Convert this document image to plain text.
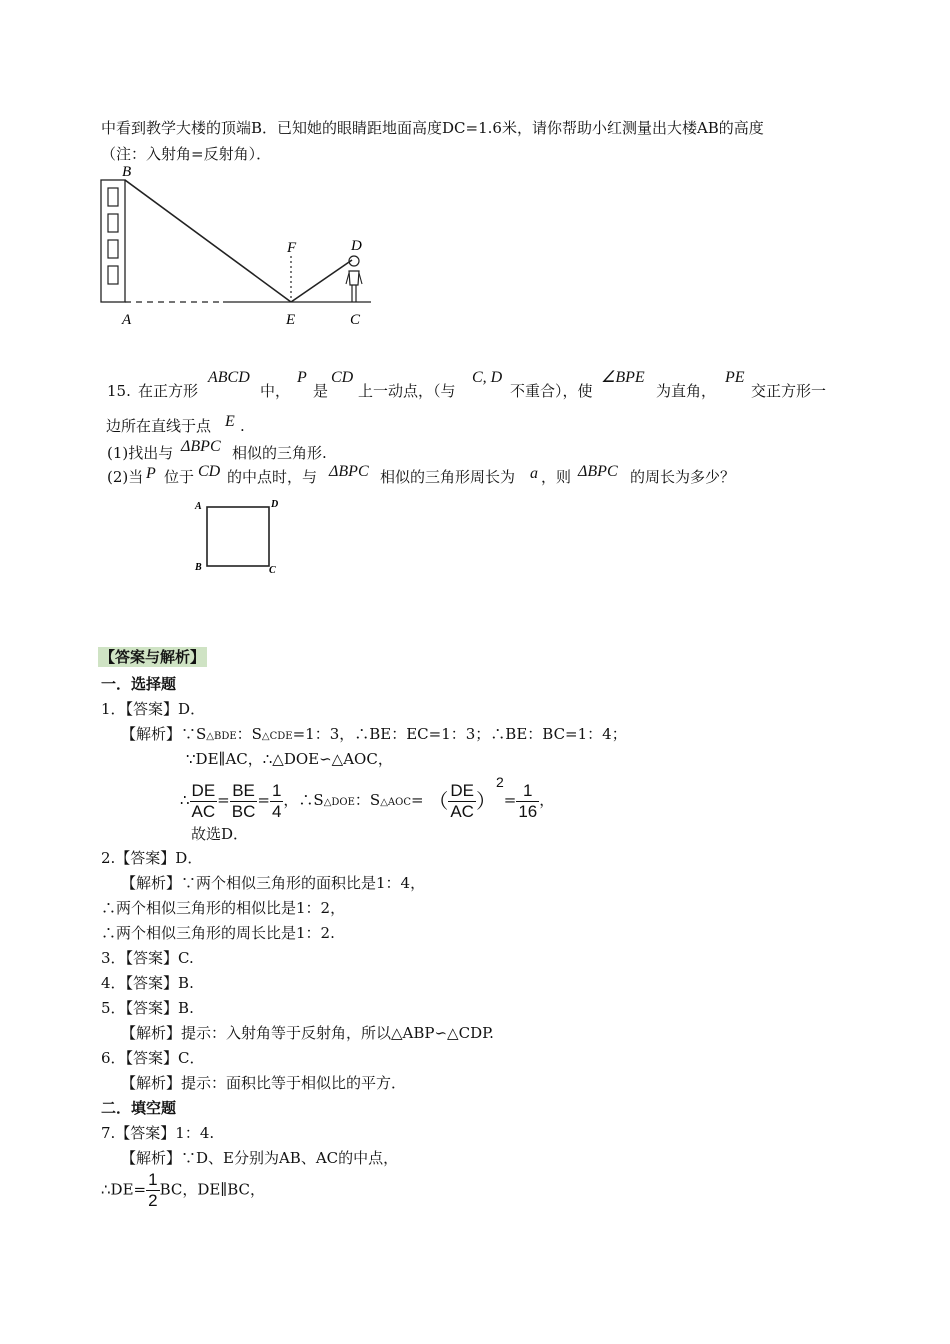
中看到教学大楼的顶端B．已知她的眼睛距地面高度DC=1.6米，请你帮助小红测量出大楼AB的高度
（注：入射角=反射角）．
B
A
F
E
D
C
15. 在正方形
ABCD
中，
P
是
CD
上一动点，（与
C, D
不重合），使
∠BPE
为直角，
PE
交正方形一
边所在直线于点 E .
(1)找出与 ΔBPC 相似的三角形.
(2)当 P 位于 CD 的中点时，与 ΔBPC 相似的三角形周长为 a ，则 ΔBPC 的周长为多少？
A	D
B	C
【答案与解析】
一．选择题
1．【答案】D．
【解析】∵S△BDE：S△CDE=1：3，∴BE：EC=1：3；∴BE：BC=1：4；
∵DE∥AC，∴△DOE∽△AOC，
∴ $\frac{DE}{AC} = \frac{BE}{BC} = \frac{1}{4}$ ，∴S△DOE：S△AOC= （ $\frac{DE}{AC} )^2= \frac{1}{16}$ ，
故选D．
2.【答案】D．
【解析】∵两个相似三角形的面积比是1：4，
∴两个相似三角形的相似比是1：2，
∴两个相似三角形的周长比是1：2.
3．【答案】C.
4．【答案】B.
5．【答案】B.
【解析】提示：入射角等于反射角，所以△ABP∽△CDP.
6．【答案】C．
【解析】提示：面积比等于相似比的平方．
二．填空题
7.【答案】1：4.
【解析】∵D、E分别为AB、AC的中点，
∴DE= $\frac{1}{2}$ BC，DE∥BC，
